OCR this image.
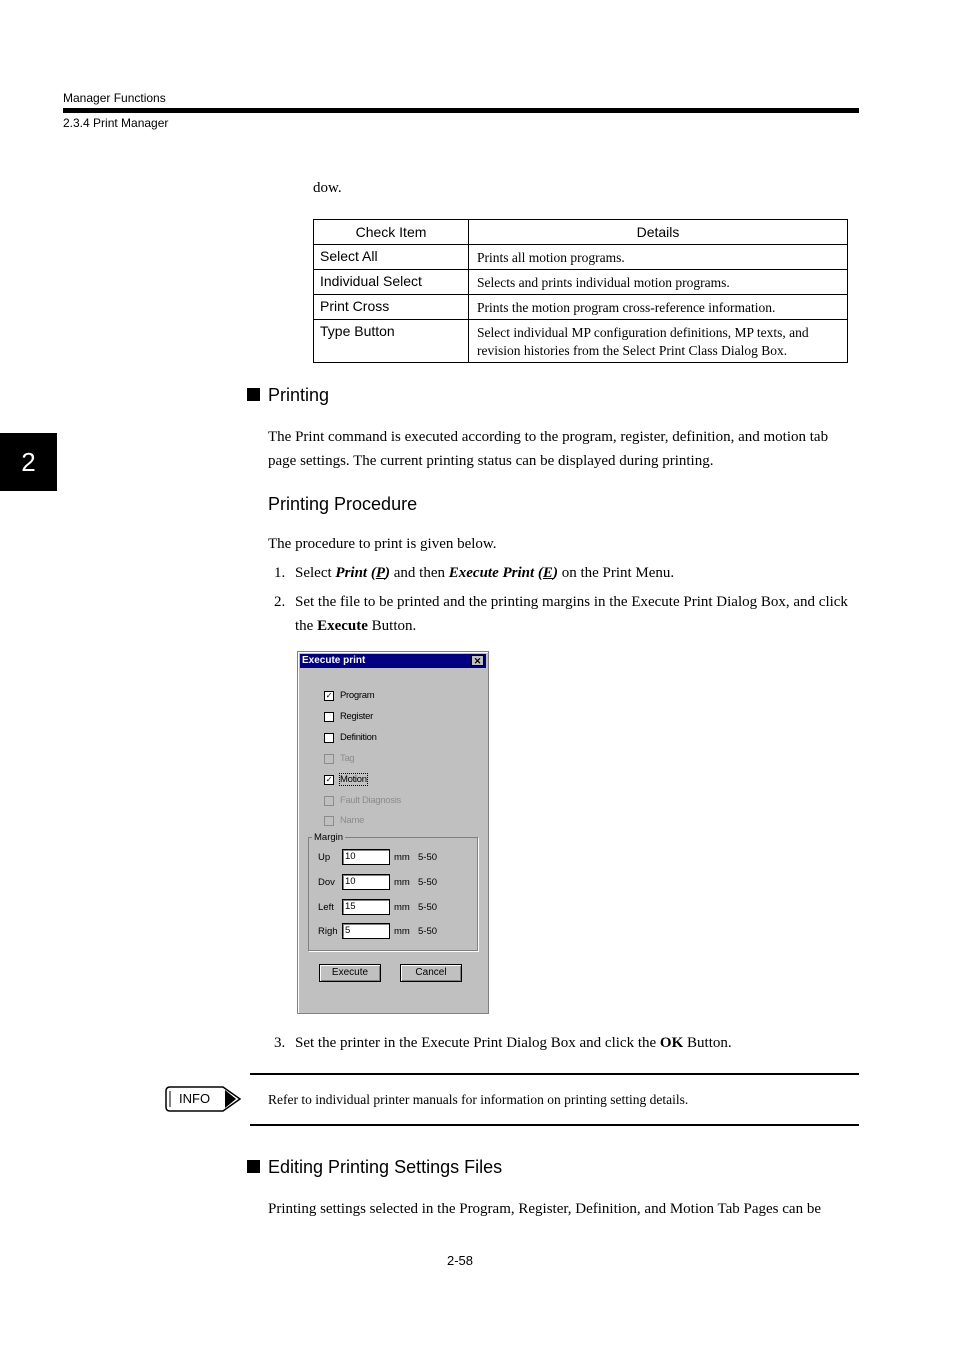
Manager Functions
2.3.4 Print Manager
2
dow.
Check Item	Details
Select All	Prints all motion programs.
Individual Select	Selects and prints individual motion programs.
Print Cross	Prints the motion program cross-reference information.
Type Button	Select individual MP configuration definitions, MP texts, and revision histories from the Select Print Class Dialog Box.
Printing
The Print command is executed according to the program, register, definition, and motion tab page settings. The current printing status can be displayed during printing.
Printing Procedure
The procedure to print is given below.
1. Select Print (P) and then Execute Print (E) on the Print Menu.
2. Set the file to be printed and the printing margins in the Execute Print Dialog Box, and click the Execute Button.
Execute print	✕
✓ Program
Register
Definition
Tag
✓ Motion
Fault Diagnosis
Name
Margin
Up	10	mm 5-50
Dov	10	mm 5-50
Left	15	mm 5-50
Righ 5	mm 5-50
Execute	Cancel
3. Set the printer in the Execute Print Dialog Box and click the OK Button.
INFO	Refer to individual printer manuals for information on printing setting details.
Editing Printing Settings Files
Printing settings selected in the Program, Register, Definition, and Motion Tab Pages can be
2-58
